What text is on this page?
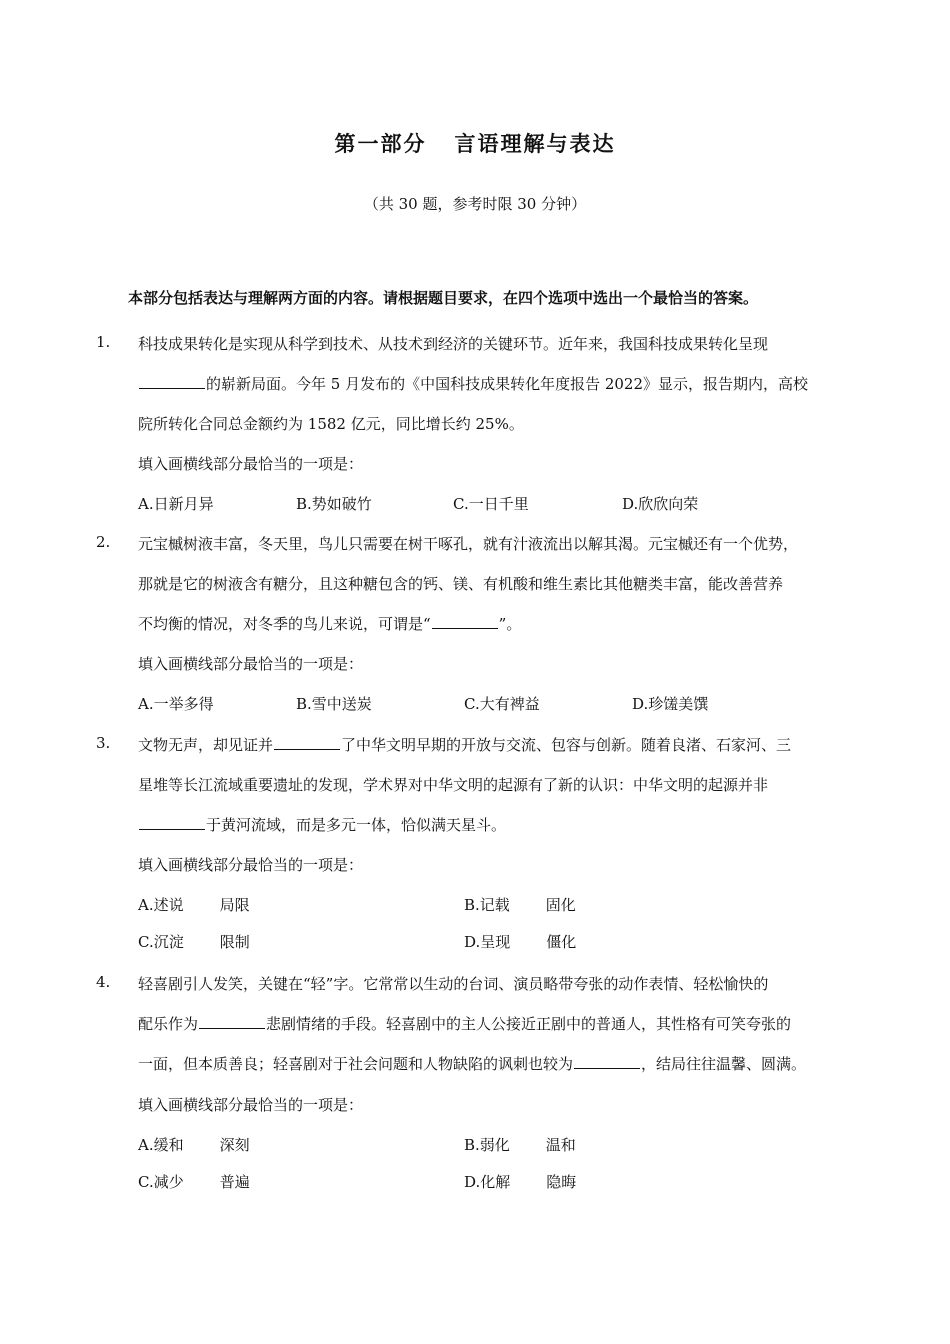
第一部分 言语理解与表达
（共 30 题，参考时限 30 分钟）
本部分包括表达与理解两方面的内容。请根据题目要求，在四个选项中选出一个最恰当的答案。
1. 科技成果转化是实现从科学到技术、从技术到经济的关键环节。近年来，我国科技成果转化呈现
的崭新局面。今年 5 月发布的《中国科技成果转化年度报告 2022》显示，报告期内，高校
院所转化合同总金额约为 1582 亿元，同比增长约 25%。
填入画横线部分最恰当的一项是：
A.日新月异	B.势如破竹	C.一日千里	D.欣欣向荣
2. 元宝槭树液丰富，冬天里，鸟儿只需要在树干啄孔，就有汁液流出以解其渴。元宝槭还有一个优势，
那就是它的树液含有糖分，且这种糖包含的钙、镁、有机酸和维生素比其他糖类丰富，能改善营养
不均衡的情况，对冬季的鸟儿来说，可谓是“	”。
填入画横线部分最恰当的一项是：
A.一举多得	B.雪中送炭	C.大有裨益	D.珍馐美馔
3. 文物无声，却见证并	了中华文明早期的开放与交流、包容与创新。随着良渚、石家河、三
星堆等长江流域重要遗址的发现，学术界对中华文明的起源有了新的认识：中华文明的起源并非
于黄河流域，而是多元一体，恰似满天星斗。
填入画横线部分最恰当的一项是：
A.述说 局限	B.记载 固化
C.沉淀 限制	D.呈现 僵化
4. 轻喜剧引人发笑，关键在“轻”字。它常常以生动的台词、演员略带夸张的动作表情、轻松愉快的
配乐作为	悲剧情绪的手段。轻喜剧中的主人公接近正剧中的普通人，其性格有可笑夸张的
一面，但本质善良；轻喜剧对于社会问题和人物缺陷的讽刺也较为	，结局往往温馨、圆满。
填入画横线部分最恰当的一项是：
A.缓和 深刻	B.弱化 温和
C.减少 普遍	D.化解 隐晦
